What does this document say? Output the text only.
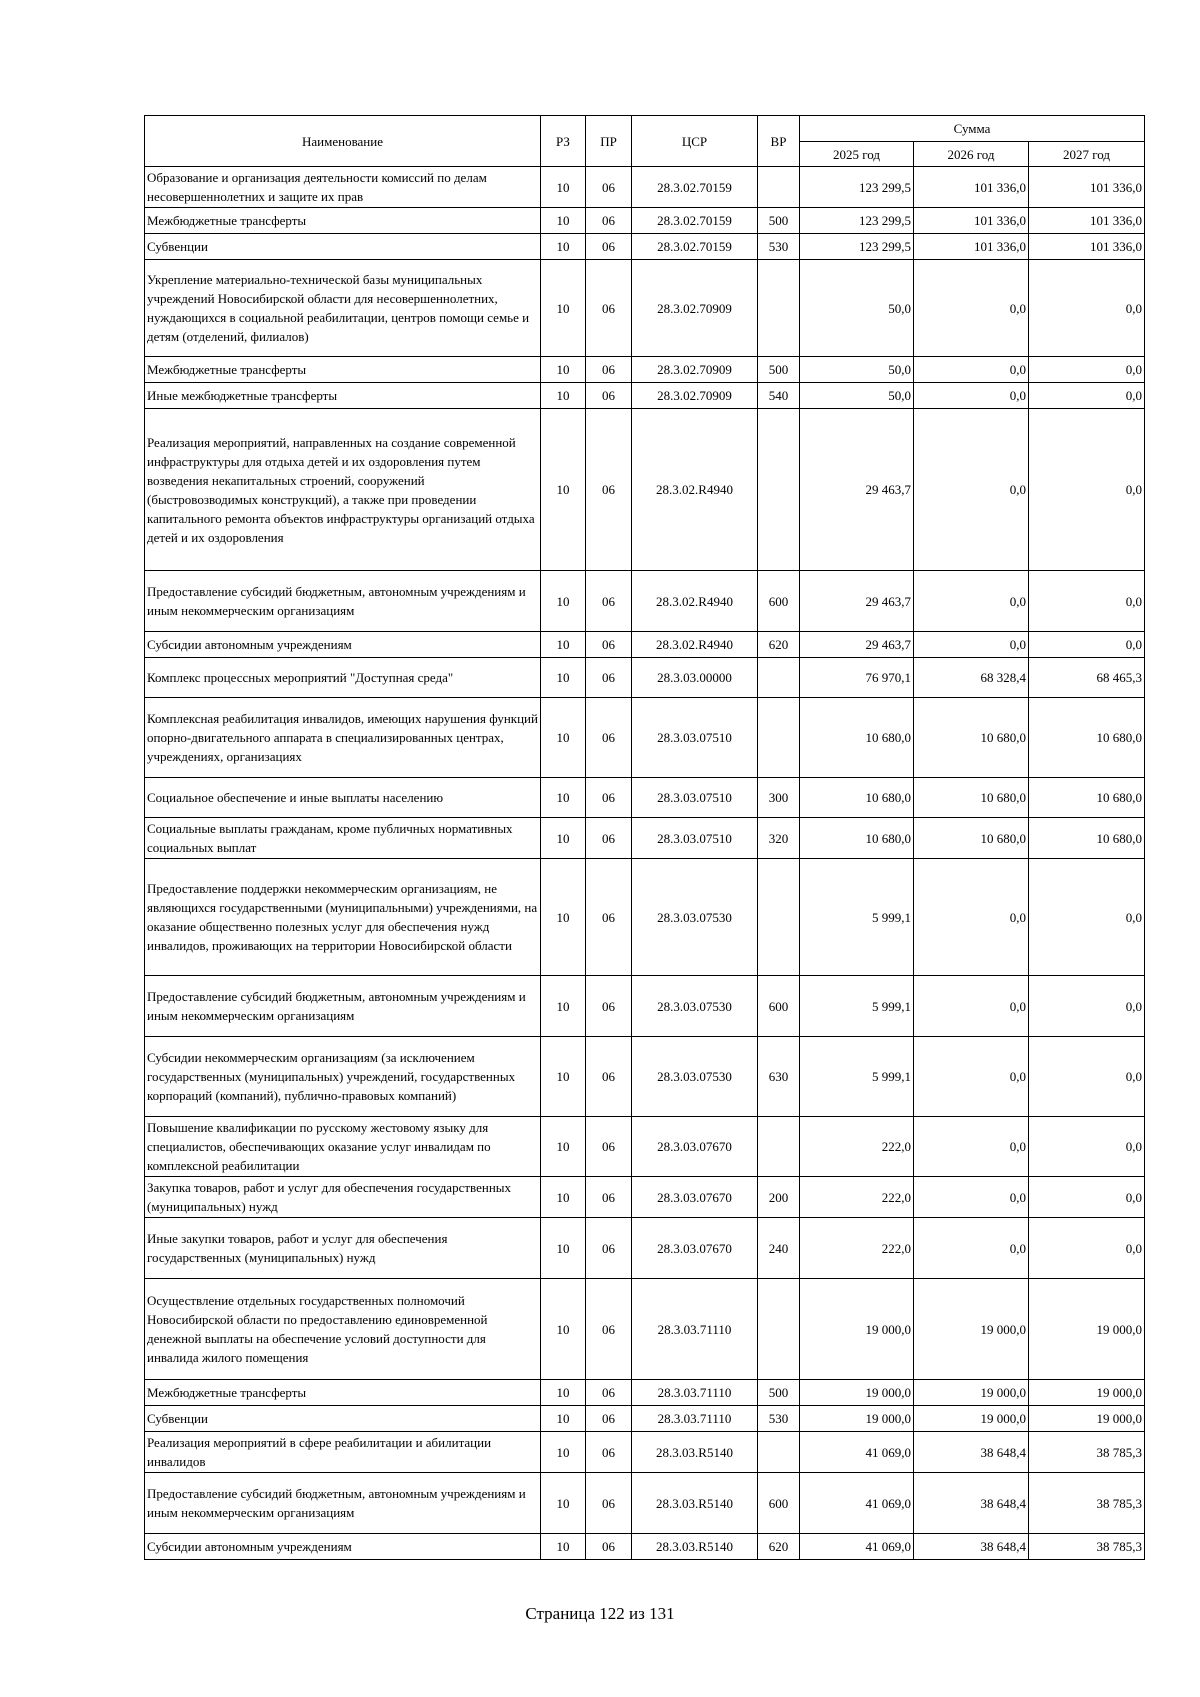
Наименование	РЗ	ПР	ЦСР	ВР	Сумма		
					2025 год	2026 год	2027 год
Образование и организация деятельности комиссий по делам несовершеннолетних и защите их прав	10	06	28.3.02.70159		123 299,5	101 336,0	101 336,0
Межбюджетные трансферты	10	06	28.3.02.70159	500	123 299,5	101 336,0	101 336,0
Субвенции	10	06	28.3.02.70159	530	123 299,5	101 336,0	101 336,0
Укрепление материально-технической базы муниципальных учреждений Новосибирской области для несовершеннолетних, нуждающихся в социальной реабилитации, центров помощи семье и детям (отделений, филиалов)	10	06	28.3.02.70909		50,0	0,0	0,0
Межбюджетные трансферты	10	06	28.3.02.70909	500	50,0	0,0	0,0
Иные межбюджетные трансферты	10	06	28.3.02.70909	540	50,0	0,0	0,0
Реализация мероприятий, направленных на создание современной инфраструктуры для отдыха детей и их оздоровления путем возведения некапитальных строений, сооружений (быстровозводимых конструкций), а также при проведении капитального ремонта объектов инфраструктуры организаций отдыха детей и их оздоровления	10	06	28.3.02.R4940		29 463,7	0,0	0,0
Предоставление субсидий бюджетным, автономным учреждениям и иным некоммерческим организациям	10	06	28.3.02.R4940	600	29 463,7	0,0	0,0
Субсидии автономным учреждениям	10	06	28.3.02.R4940	620	29 463,7	0,0	0,0
Комплекс процессных мероприятий "Доступная среда"	10	06	28.3.03.00000		76 970,1	68 328,4	68 465,3
Комплексная реабилитация инвалидов, имеющих нарушения функций опорно-двигательного аппарата в специализированных центрах, учреждениях, организациях	10	06	28.3.03.07510		10 680,0	10 680,0	10 680,0
Социальное обеспечение и иные выплаты населению	10	06	28.3.03.07510	300	10 680,0	10 680,0	10 680,0
Социальные выплаты гражданам, кроме публичных нормативных социальных выплат	10	06	28.3.03.07510	320	10 680,0	10 680,0	10 680,0
Предоставление поддержки некоммерческим организациям, не являющихся государственными (муниципальными) учреждениями, на оказание общественно полезных услуг для обеспечения нужд инвалидов, проживающих на территории Новосибирской области	10	06	28.3.03.07530		5 999,1	0,0	0,0
Предоставление субсидий бюджетным, автономным учреждениям и иным некоммерческим организациям	10	06	28.3.03.07530	600	5 999,1	0,0	0,0
Субсидии некоммерческим организациям (за исключением государственных (муниципальных) учреждений, государственных корпораций (компаний), публично-правовых компаний)	10	06	28.3.03.07530	630	5 999,1	0,0	0,0
Повышение квалификации по русскому жестовому языку для специалистов, обеспечивающих оказание услуг инвалидам по комплексной реабилитации	10	06	28.3.03.07670		222,0	0,0	0,0
Закупка товаров, работ и услуг для обеспечения государственных (муниципальных) нужд	10	06	28.3.03.07670	200	222,0	0,0	0,0
Иные закупки товаров, работ и услуг для обеспечения государственных (муниципальных) нужд	10	06	28.3.03.07670	240	222,0	0,0	0,0
Осуществление отдельных государственных полномочий Новосибирской области по предоставлению единовременной денежной выплаты на обеспечение условий доступности для инвалида жилого помещения	10	06	28.3.03.71110		19 000,0	19 000,0	19 000,0
Межбюджетные трансферты	10	06	28.3.03.71110	500	19 000,0	19 000,0	19 000,0
Субвенции	10	06	28.3.03.71110	530	19 000,0	19 000,0	19 000,0
Реализация мероприятий в сфере реабилитации и абилитации инвалидов	10	06	28.3.03.R5140		41 069,0	38 648,4	38 785,3
Предоставление субсидий бюджетным, автономным учреждениям и иным некоммерческим организациям	10	06	28.3.03.R5140	600	41 069,0	38 648,4	38 785,3
Субсидии автономным учреждениям	10	06	28.3.03.R5140	620	41 069,0	38 648,4	38 785,3
Страница 122 из 131
